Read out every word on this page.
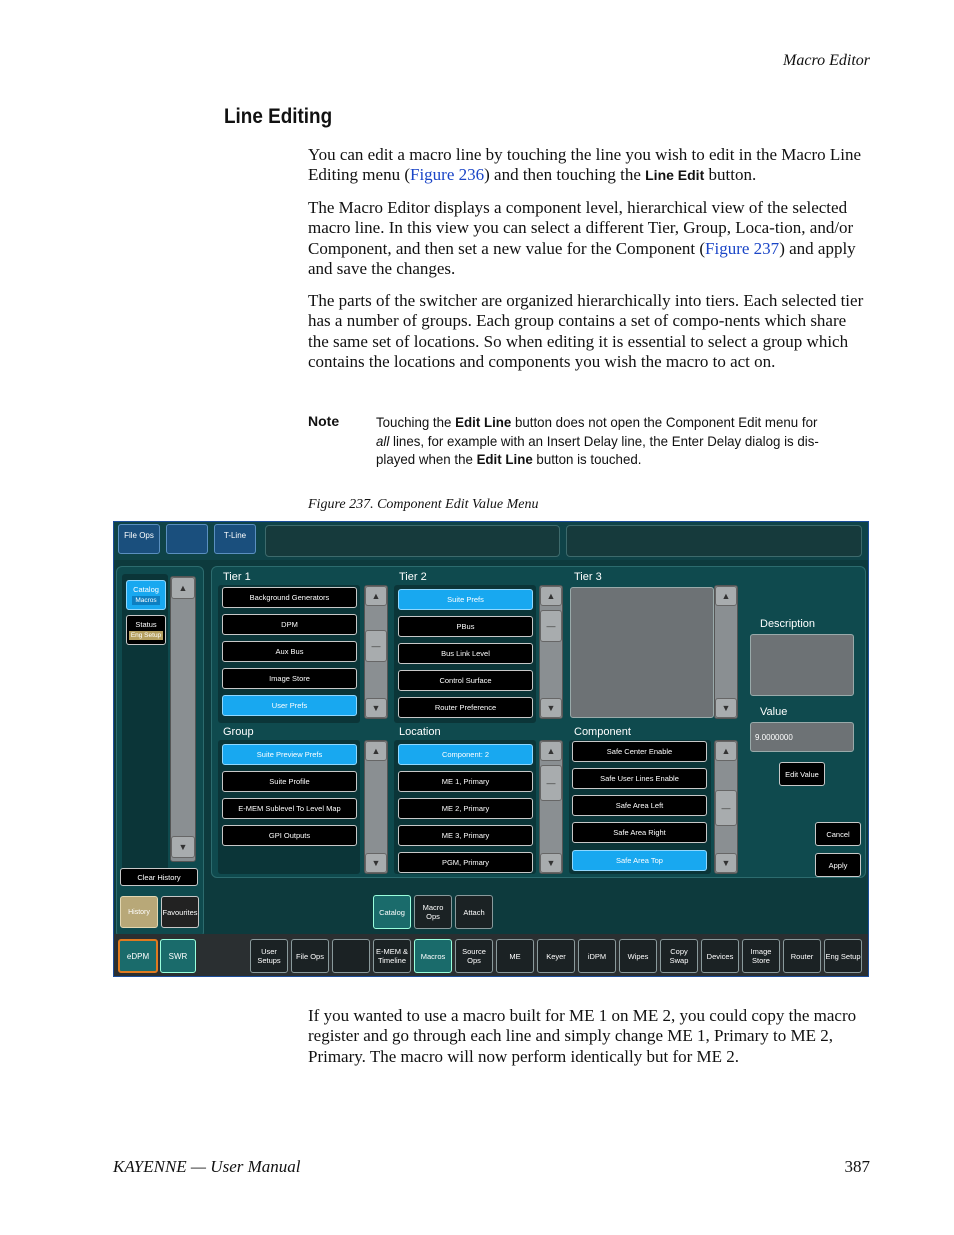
Macro Editor
Line Editing
You can edit a macro line by touching the line you wish to edit in the Macro Line Editing menu (Figure 236) and then touching the Line Edit button.
The Macro Editor displays a component level, hierarchical view of the selected macro line. In this view you can select a different Tier, Group, Loca-tion, and/or Component, and then set a new value for the Component (Figure 237) and apply and save the changes.
The parts of the switcher are organized hierarchically into tiers. Each selected tier has a number of groups. Each group contains a set of compo-nents which share the same set of locations. So when editing it is essential to select a group which contains the locations and components you wish the macro to act on.
Note	Touching the Edit Line button does not open the Component Edit menu for all lines, for example with an Insert Delay line, the Enter Delay dialog is dis-played when the Edit Line button is touched.
Figure 237. Component Edit Value Menu
File Ops	T-Line
Catalog
Macros
Status
Eng Setup
▲
▼
Clear History
History	Favourites
Tier 1
Background Generators
DPM
Aux Bus
Image Store
User Prefs
▲
—
▼
Tier 2
Suite Prefs
PBus
Bus Link Level
Control Surface
Router Preference
▲
—
▼
Tier 3
▲
▼
Group
Suite Preview Prefs
Suite Profile
E-MEM Sublevel To Level Map
GPI Outputs
▲
▼
Location
Component: 2
ME 1, Primary
ME 2, Primary
ME 3, Primary
PGM, Primary
▲
—
▼
Component
Safe Center Enable
Safe User Lines Enable
Safe Area Left
Safe Area Right
Safe Area Top
▲
—
▼
Description
Value
9.0000000
Edit Value
Cancel
Apply
Catalog	Macro Ops	Attach
eDPM	SWR	User Setups	File Ops	E-MEM & Timeline	Macros	Source Ops	ME	Keyer	iDPM	Wipes	Copy Swap	Devices	Image Store	Router	Eng Setup
If you wanted to use a macro built for ME 1 on ME 2, you could copy the macro register and go through each line and simply change ME 1, Primary to ME 2, Primary. The macro will now perform identically but for ME 2.
KAYENNE — User Manual	387
